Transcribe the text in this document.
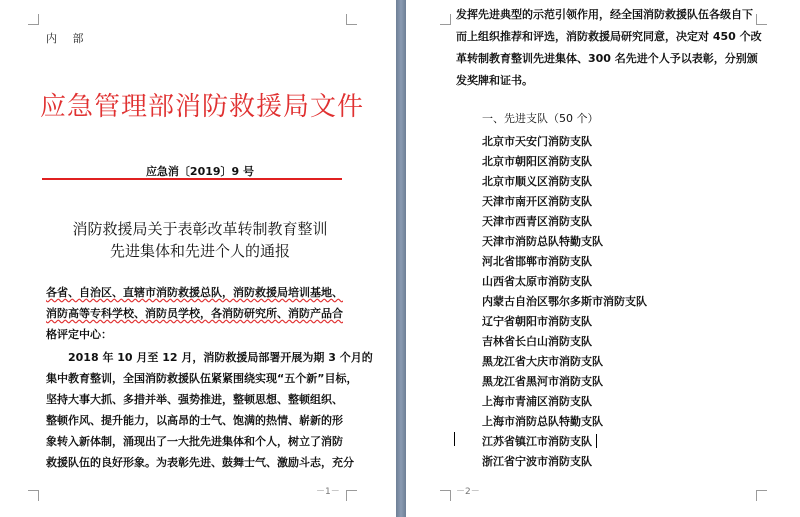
内 部
应急管理部消防救援局文件
应急消〔2019〕9 号
消防救援局关于表彰改革转制教育整训
先进集体和先进个人的通报
各省、自治区、直辖市消防救援总队，消防救援局培训基地、
消防高等专科学校、消防员学校，各消防研究所、消防产品合
格评定中心：
　　2018 年 10 月至 12 月，消防救援局部署开展为期 3 个月的
集中教育整训，全国消防救援队伍紧紧围绕实现“五个新”目标，
坚持大事大抓、多措并举、强势推进，整顿思想、整顿组织、
整顿作风、提升能力，以高昂的士气、饱满的热情、崭新的形
象转入新体制，涌现出了一大批先进集体和个人，树立了消防
救援队伍的良好形象。为表彰先进、鼓舞士气、激励斗志，充分
－1－
发挥先进典型的示范引领作用，经全国消防救援队伍各级自下
而上组织推荐和评选，消防救援局研究同意，决定对 450 个改
革转制教育整训先进集体、300 名先进个人予以表彰，分别颁
发奖牌和证书。
一、先进支队（50 个）
北京市天安门消防支队
北京市朝阳区消防支队
北京市顺义区消防支队
天津市南开区消防支队
天津市西青区消防支队
天津市消防总队特勤支队
河北省邯郸市消防支队
山西省太原市消防支队
内蒙古自治区鄂尔多斯市消防支队
辽宁省朝阳市消防支队
吉林省长白山消防支队
黑龙江省大庆市消防支队
黑龙江省黑河市消防支队
上海市青浦区消防支队
上海市消防总队特勤支队
江苏省镇江市消防支队
浙江省宁波市消防支队
－2－
